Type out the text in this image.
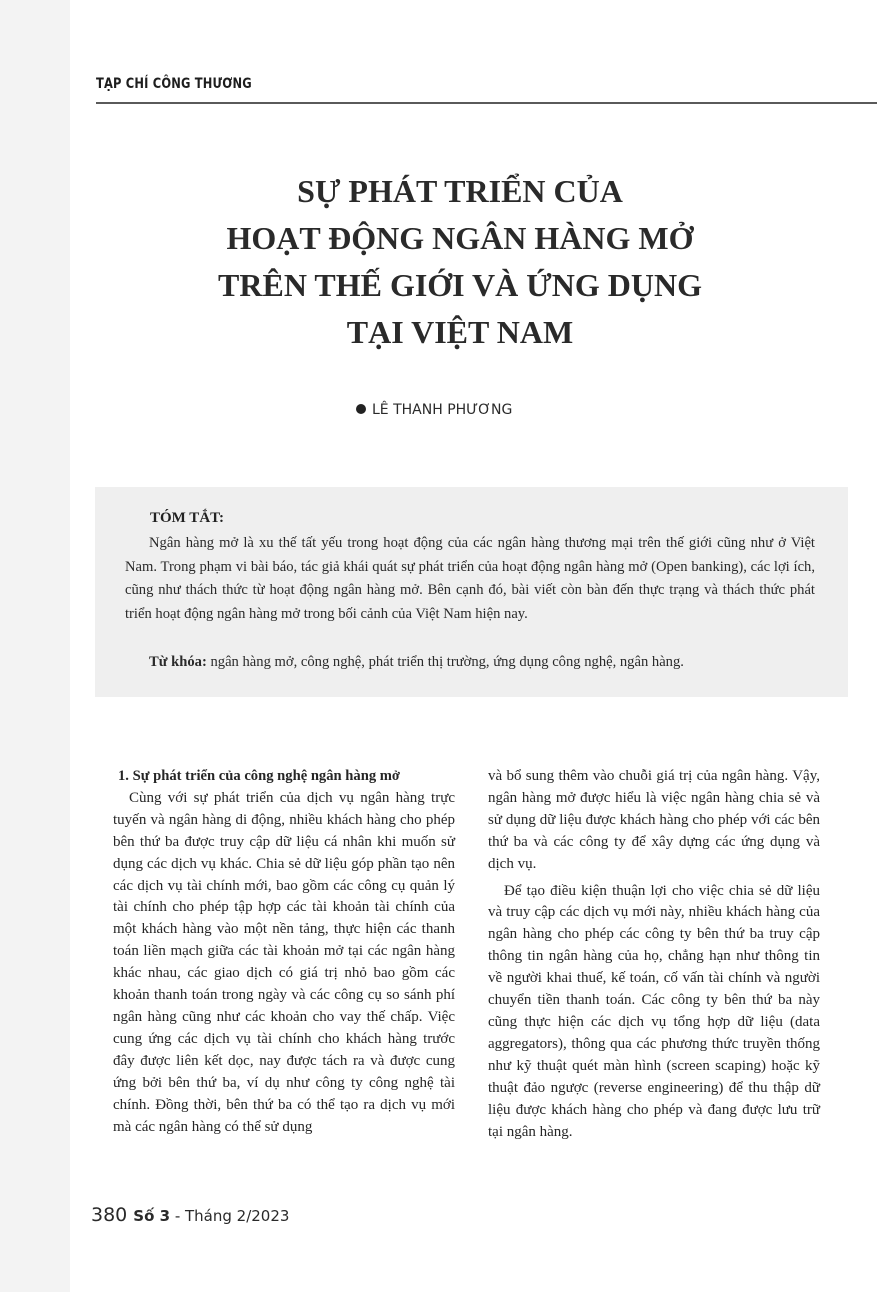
TẠP CHÍ CÔNG THƯƠNG
SỰ PHÁT TRIỂN CỦA
HOẠT ĐỘNG NGÂN HÀNG MỞ
TRÊN THẾ GIỚI VÀ ỨNG DỤNG
TẠI VIỆT NAM
LÊ THANH PHƯƠNG
TÓM TẮT:

Ngân hàng mở là xu thế tất yếu trong hoạt động của các ngân hàng thương mại trên thế giới cũng như ở Việt Nam. Trong phạm vi bài báo, tác giả khái quát sự phát triển của hoạt động ngân hàng mở (Open banking), các lợi ích, cũng như thách thức từ hoạt động ngân hàng mở. Bên cạnh đó, bài viết còn bàn đến thực trạng và thách thức phát triển hoạt động ngân hàng mở trong bối cảnh của Việt Nam hiện nay.

Từ khóa: ngân hàng mở, công nghệ, phát triển thị trường, ứng dụng công nghệ, ngân hàng.

1. Sự phát triển của công nghệ ngân hàng mở

Cùng với sự phát triển của dịch vụ ngân hàng trực tuyến và ngân hàng di động, nhiều khách hàng cho phép bên thứ ba được truy cập dữ liệu cá nhân khi muốn sử dụng các dịch vụ khác. Chia sẻ dữ liệu góp phần tạo nên các dịch vụ tài chính mới, bao gồm các công cụ quản lý tài chính cho phép tập hợp các tài khoản tài chính của một khách hàng vào một nền tảng, thực hiện các thanh toán liền mạch giữa các tài khoản mở tại các ngân hàng khác nhau, các giao dịch có giá trị nhỏ bao gồm các khoản thanh toán trong ngày và các công cụ so sánh phí ngân hàng cũng như các khoản cho vay thế chấp. Việc cung ứng các dịch vụ tài chính cho khách hàng trước đây được liên kết dọc, nay được tách ra và được cung ứng bởi bên thứ ba, ví dụ như công ty công nghệ tài chính. Đồng thời, bên thứ ba có thể tạo ra dịch vụ mới mà các ngân hàng có thể sử dụng

và bổ sung thêm vào chuỗi giá trị của ngân hàng. Vậy, ngân hàng mở được hiểu là việc ngân hàng chia sẻ và sử dụng dữ liệu được khách hàng cho phép với các bên thứ ba và các công ty để xây dựng các ứng dụng và dịch vụ.

Để tạo điều kiện thuận lợi cho việc chia sẻ dữ liệu và truy cập các dịch vụ mới này, nhiều khách hàng của ngân hàng cho phép các công ty bên thứ ba truy cập thông tin ngân hàng của họ, chẳng hạn như thông tin về người khai thuế, kế toán, cố vấn tài chính và người chuyển tiền thanh toán. Các công ty bên thứ ba này cũng thực hiện các dịch vụ tổng hợp dữ liệu (data aggregators), thông qua các phương thức truyền thống như kỹ thuật quét màn hình (screen scaping) hoặc kỹ thuật đảo ngược (reverse engineering) để thu thập dữ liệu được khách hàng cho phép và đang được lưu trữ tại ngân hàng.

380 Số 3 - Tháng 2/2023
